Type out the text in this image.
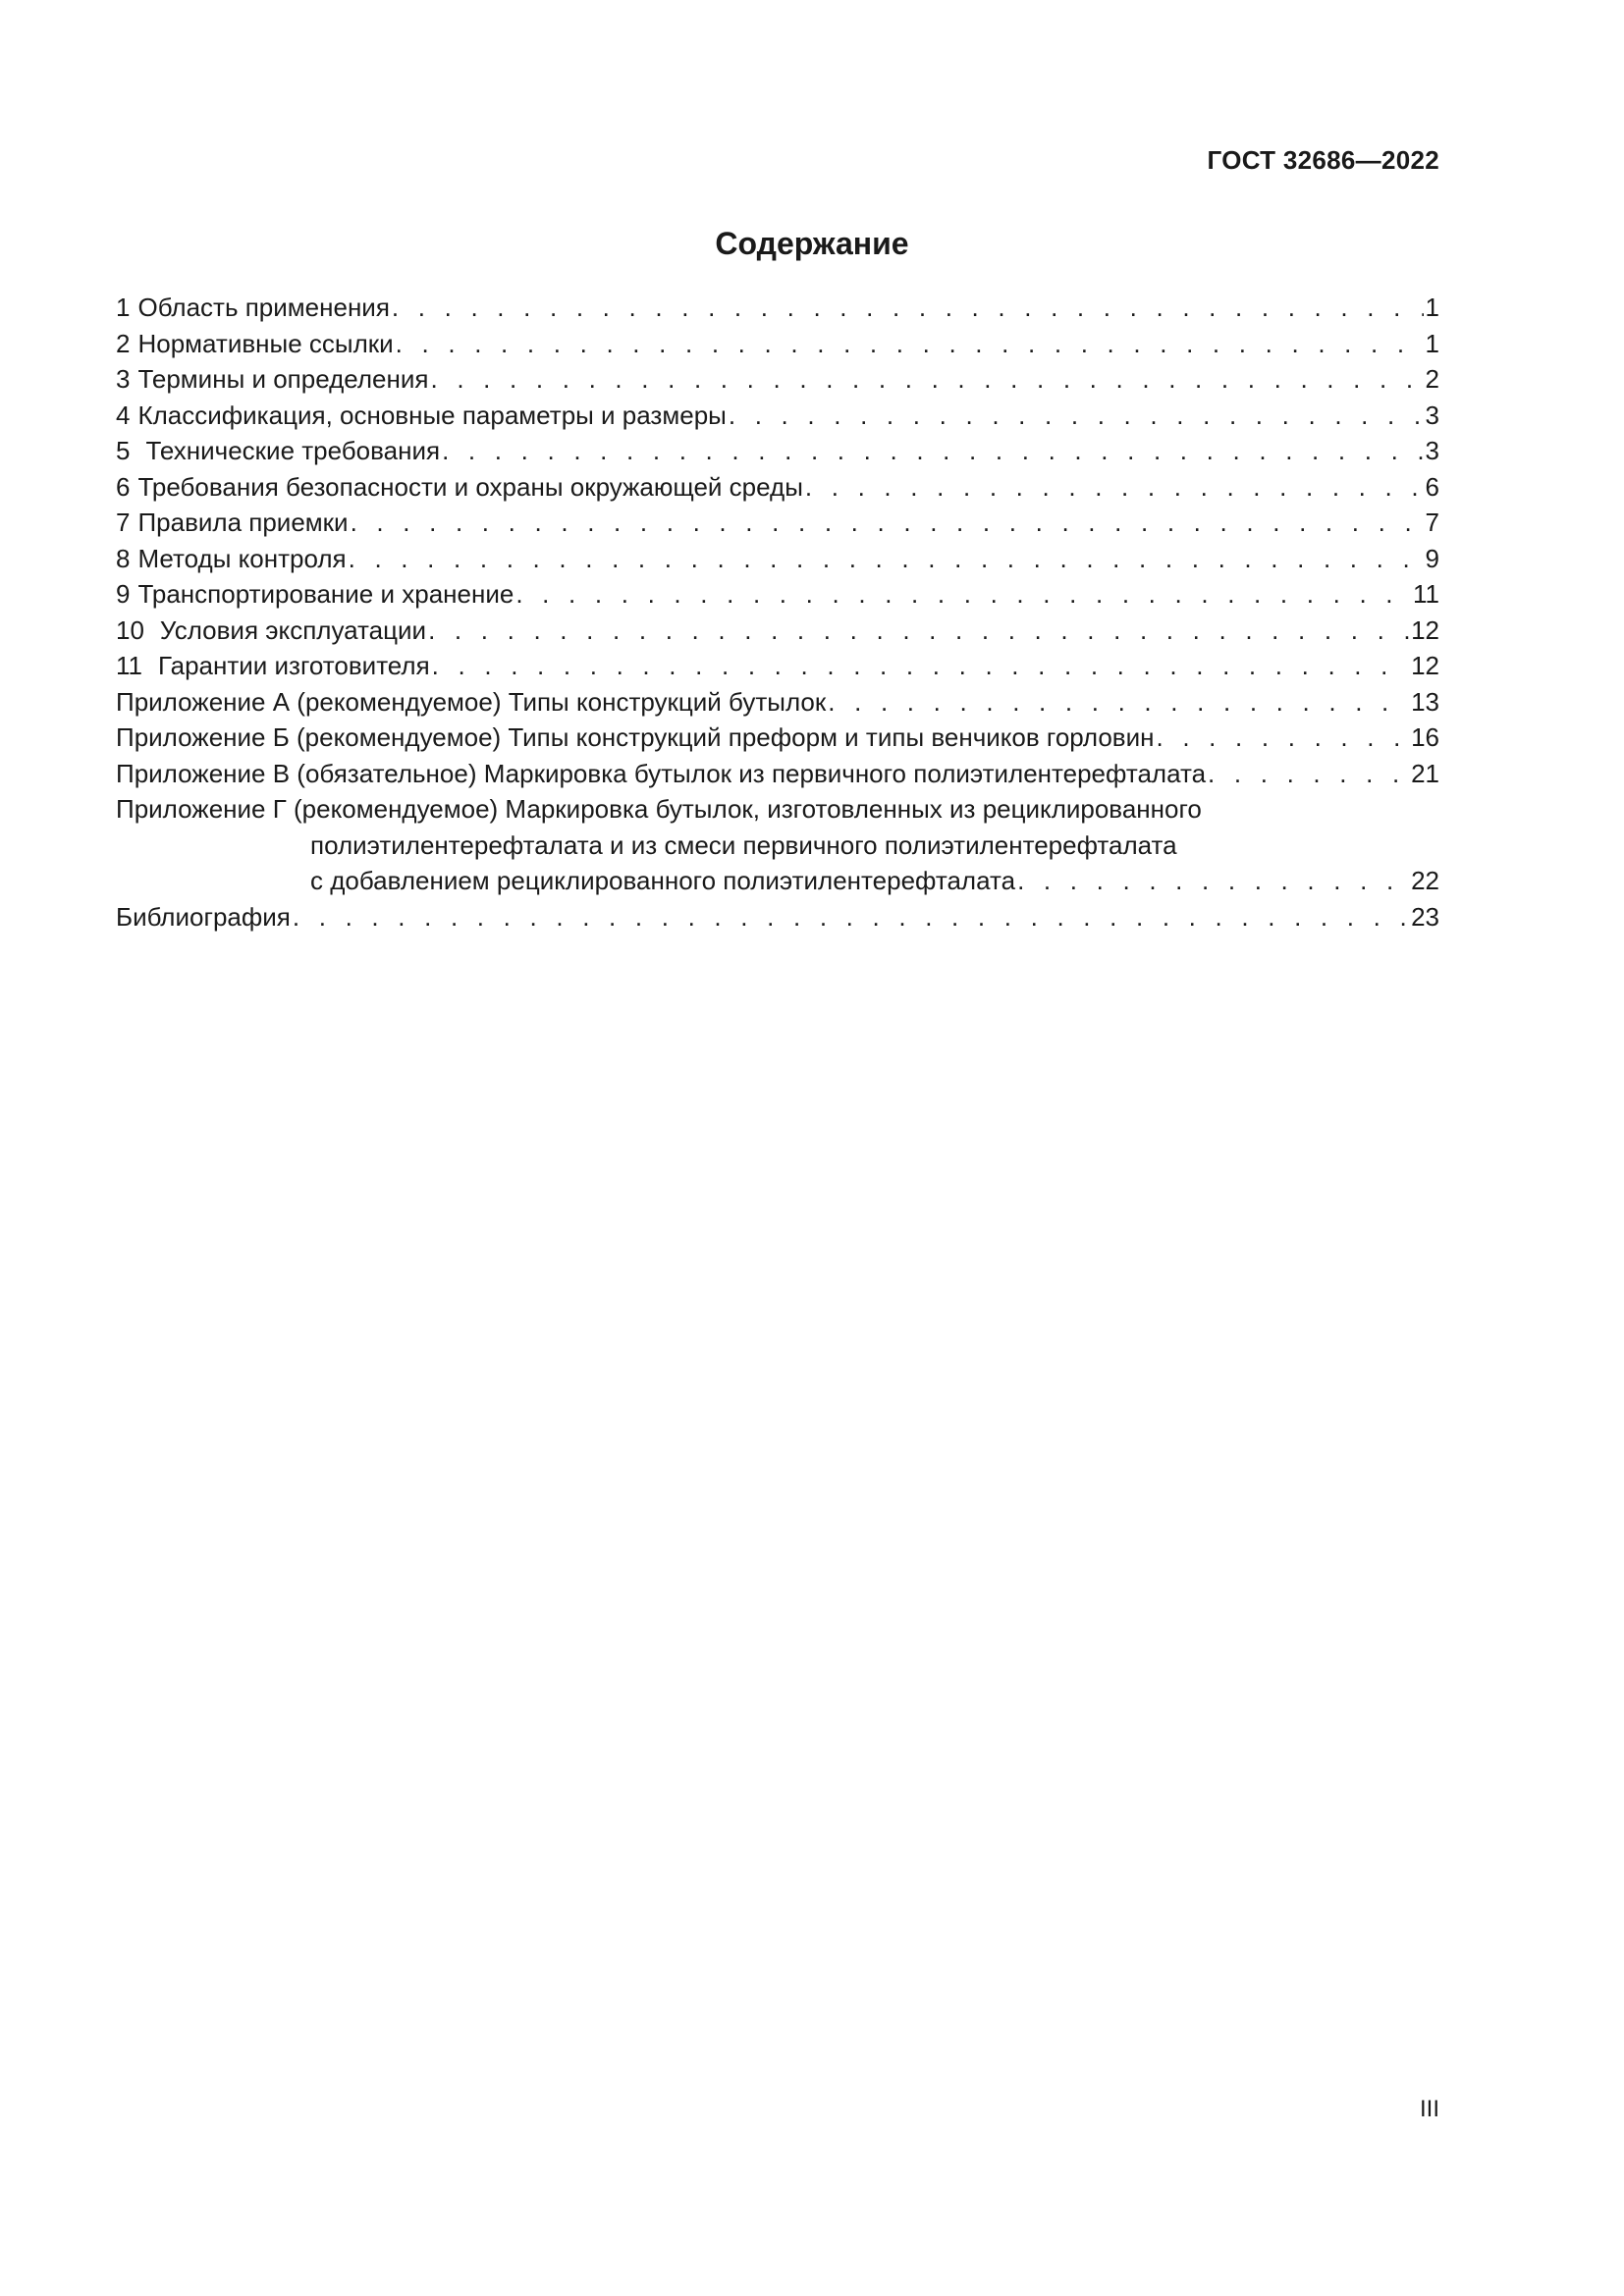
ГОСТ 32686—2022
Содержание
1 Область применения . . .	1
2 Нормативные ссылки . . .	1
3 Термины и определения . . .	2
4 Классификация, основные параметры и размеры . . .	3
5 Технические требования . . .	3
6 Требования безопасности и охраны окружающей среды . . .	6
7 Правила приемки . . .	7
8 Методы контроля . . .	9
9 Транспортирование и хранение . . .	11
10 Условия эксплуатации . . .	12
11 Гарантии изготовителя . . .	12
Приложение А (рекомендуемое) Типы конструкций бутылок . . .	13
Приложение Б (рекомендуемое) Типы конструкций преформ и типы венчиков горловин . . .	16
Приложение В (обязательное) Маркировка бутылок из первичного полиэтилентерефталата . . .	21
Приложение Г (рекомендуемое) Маркировка бутылок, изготовленных из рециклированного
полиэтилентерефталата и из смеси первичного полиэтилентерефталата
с добавлением рециклированного полиэтилентерефталата . . .	22
Библиография . . .	23
III
